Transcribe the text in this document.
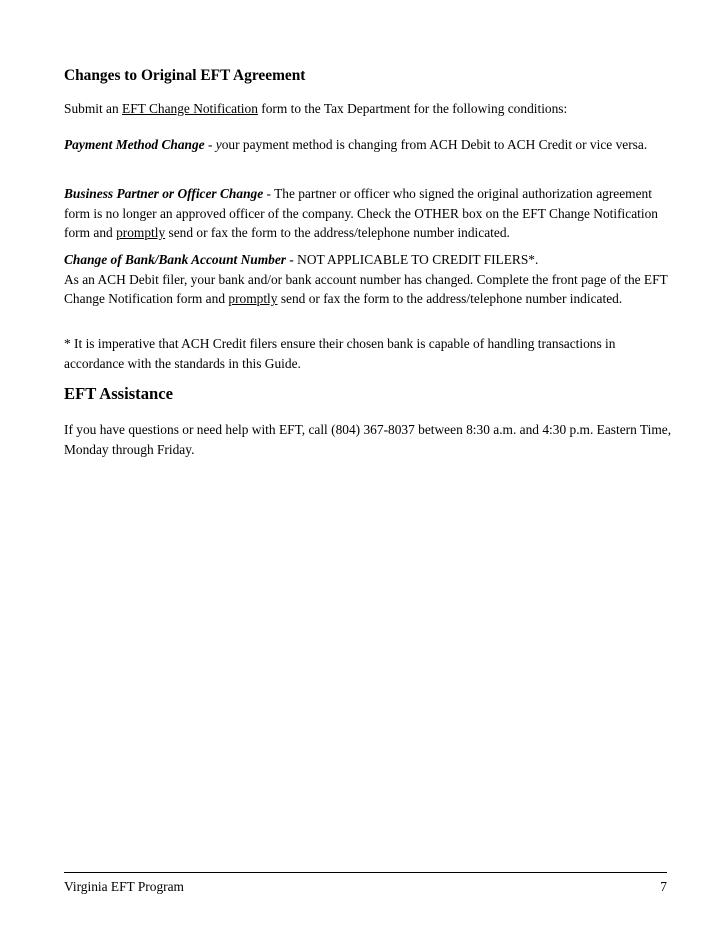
Changes to Original EFT Agreement

Submit an EFT Change Notification form to the Tax Department for the following conditions:

Payment Method Change - your payment method is changing from ACH Debit to ACH Credit or vice versa.

Business Partner or Officer Change - The partner or officer who signed the original authorization agreement form is no longer an approved officer of the company. Check the OTHER box on the EFT Change Notification form and promptly send or fax the form to the address/telephone number indicated.

Change of Bank/Bank Account Number - NOT APPLICABLE TO CREDIT FILERS*.
As an ACH Debit filer, your bank and/or bank account number has changed. Complete the front page of the EFT Change Notification form and promptly send or fax the form to the address/telephone number indicated.

* It is imperative that ACH Credit filers ensure their chosen bank is capable of handling transactions in accordance with the standards in this Guide.

EFT Assistance

If you have questions or need help with EFT, call (804) 367-8037 between 8:30 a.m. and 4:30 p.m. Eastern Time, Monday through Friday.

Virginia EFT Program	7
